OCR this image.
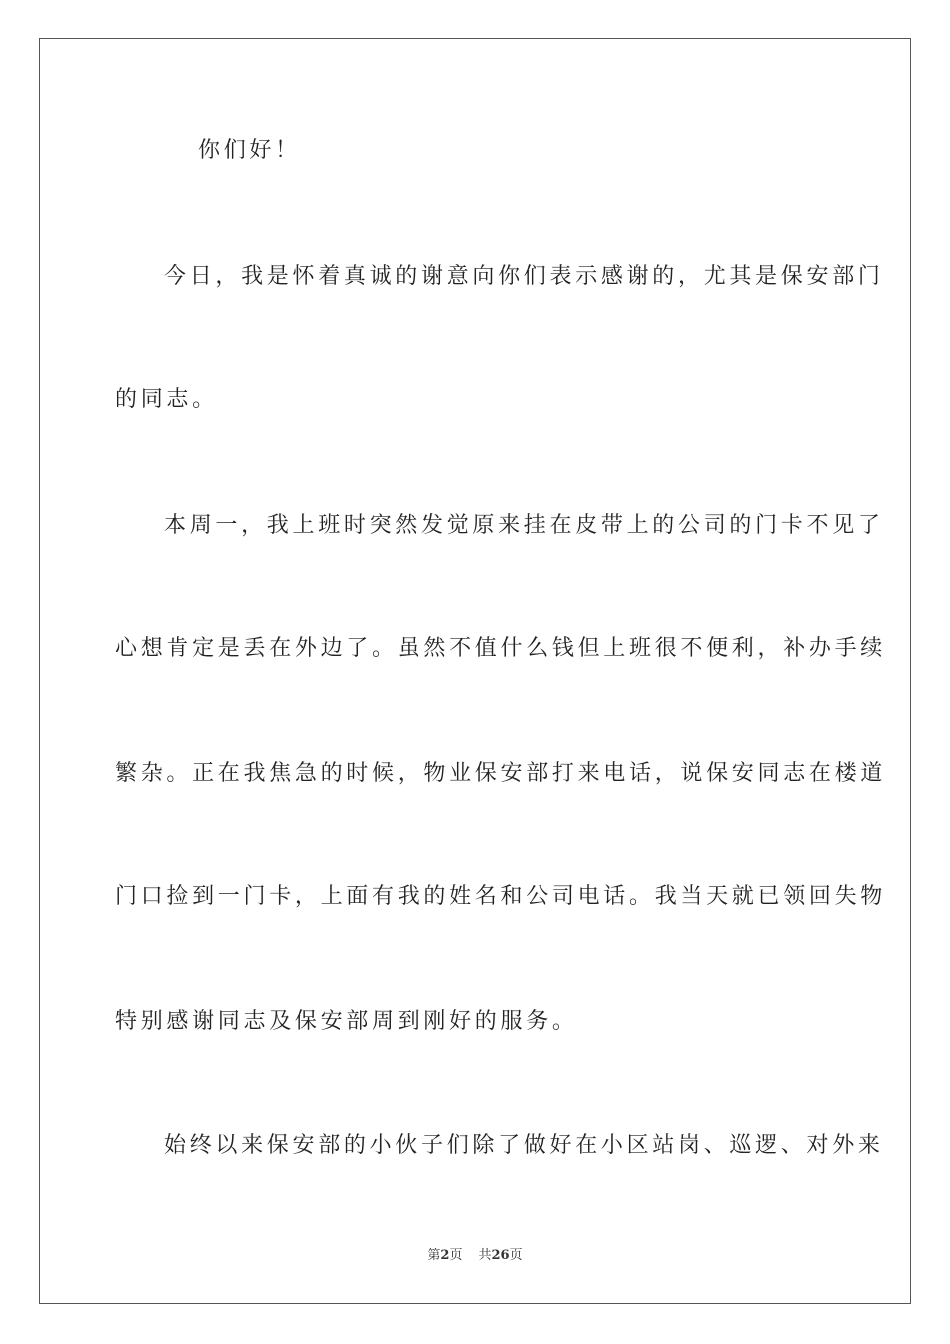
你们好！
今日，我是怀着真诚的谢意向你们表示感谢的，尤其是保安部门
的同志。
本周一，我上班时突然发觉原来挂在皮带上的公司的门卡不见了
心想肯定是丢在外边了。虽然不值什么钱但上班很不便利，补办手续
繁杂。正在我焦急的时候，物业保安部打来电话，说保安同志在楼道
门口捡到一门卡，上面有我的姓名和公司电话。我当天就已领回失物
特别感谢同志及保安部周到刚好的服务。
始终以来保安部的小伙子们除了做好在小区站岗、巡逻、对外来
第2页 共26页
